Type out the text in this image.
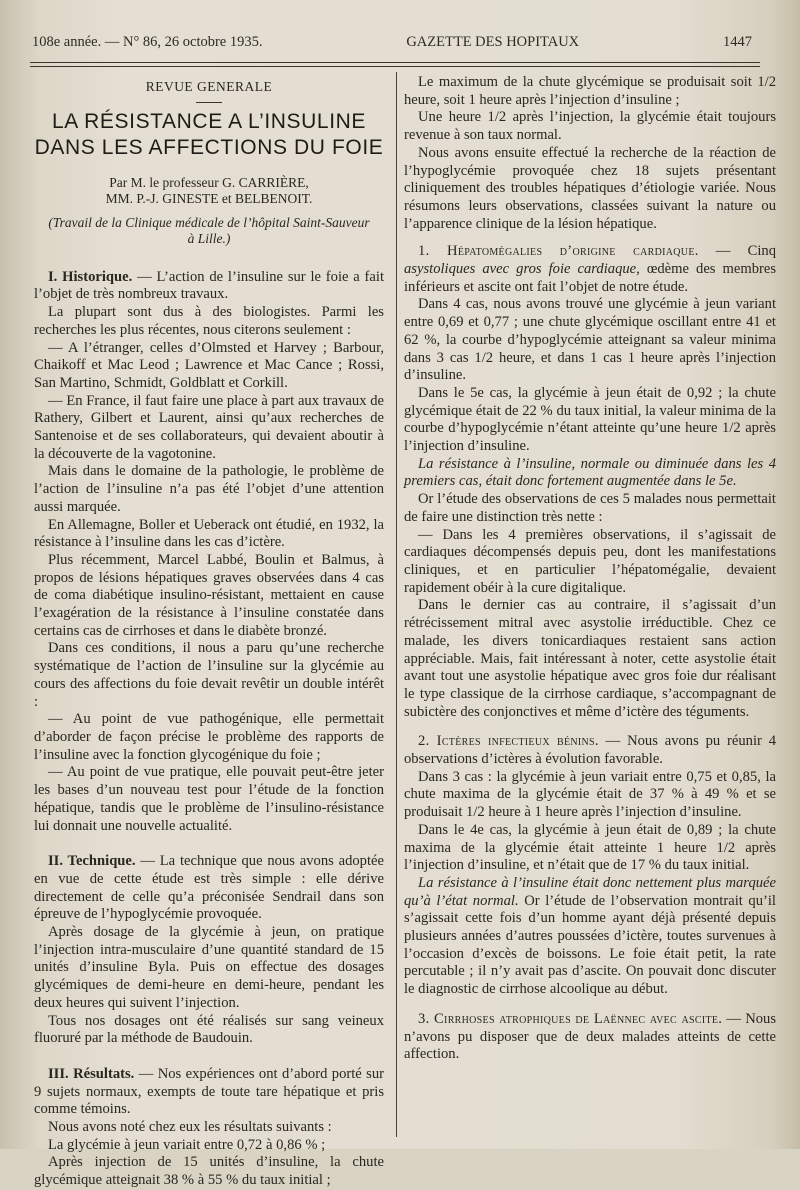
108e année. — N° 86, 26 octobre 1935.	GAZETTE DES HOPITAUX	1447

REVUE GENERALE

LA RÉSISTANCE A L’INSULINE

DANS LES AFFECTIONS DU FOIE

Par M. le professeur G. CARRIÈRE,

MM. P.-J. GINESTE et BELBENOIT.

(Travail de la Clinique médicale de l’hôpital Saint-Sauveur à Lille.)

I. Historique. — L’action de l’insuline sur le foie a fait l’objet de très nombreux travaux.

La plupart sont dus à des biologistes. Parmi les recherches les plus récentes, nous citerons seulement :

— A l’étranger, celles d’Olmsted et Harvey ; Barbour, Chaikoff et Mac Leod ; Lawrence et Mac Cance ; Rossi, San Martino, Schmidt, Goldblatt et Corkill.

— En France, il faut faire une place à part aux travaux de Rathery, Gilbert et Laurent, ainsi qu’aux recherches de Santenoise et de ses collaborateurs, qui devaient aboutir à la découverte de la vagotonine.

Mais dans le domaine de la pathologie, le problème de l’action de l’insuline n’a pas été l’objet d’une attention aussi marquée.

En Allemagne, Boller et Ueberack ont étudié, en 1932, la résistance à l’insuline dans les cas d’ictère.

Plus récemment, Marcel Labbé, Boulin et Balmus, à propos de lésions hépatiques graves observées dans 4 cas de coma diabétique insulino-résistant, mettaient en cause l’exagération de la résistance à l’insuline constatée dans certains cas de cirrhoses et dans le diabète bronzé.

Dans ces conditions, il nous a paru qu’une recherche systématique de l’action de l’insuline sur la glycémie au cours des affections du foie devait revêtir un double intérêt :

— Au point de vue pathogénique, elle permettait d’aborder de façon précise le problème des rapports de l’insuline avec la fonction glycogénique du foie ;

— Au point de vue pratique, elle pouvait peut-être jeter les bases d’un nouveau test pour l’étude de la fonction hépatique, tandis que le problème de l’insulino-résistance lui donnait une nouvelle actualité.

II. Technique. — La technique que nous avons adoptée en vue de cette étude est très simple : elle dérive directement de celle qu’a préconisée Sendrail dans son épreuve de l’hypoglycémie provoquée.

Après dosage de la glycémie à jeun, on pratique l’injection intra-musculaire d’une quantité standard de 15 unités d’insuline Byla. Puis on effectue des dosages glycémiques de demi-heure en demi-heure, pendant les deux heures qui suivent l’injection.

Tous nos dosages ont été réalisés sur sang veineux fluoruré par la méthode de Baudouin.

III. Résultats. — Nos expériences ont d’abord porté sur 9 sujets normaux, exempts de toute tare hépatique et pris comme témoins.

Nous avons noté chez eux les résultats suivants :

La glycémie à jeun variait entre 0,72 à 0,86 % ;

Après injection de 15 unités d’insuline, la chute glycémique atteignait 38 % à 55 % du taux initial ;

Le maximum de la chute glycémique se produisait soit 1/2 heure, soit 1 heure après l’injection d’insuline ;

Une heure 1/2 après l’injection, la glycémie était toujours revenue à son taux normal.

Nous avons ensuite effectué la recherche de la réaction de l’hypoglycémie provoquée chez 18 sujets présentant cliniquement des troubles hépatiques d’étiologie variée. Nous résumons leurs observations, classées suivant la nature ou l’apparence clinique de la lésion hépatique.

1. Hépatomégalies d’origine cardiaque. — Cinq asystoliques avec gros foie cardiaque, œdème des membres inférieurs et ascite ont fait l’objet de notre étude.

Dans 4 cas, nous avons trouvé une glycémie à jeun variant entre 0,69 et 0,77 ; une chute glycémique oscillant entre 41 et 62 %, la courbe d’hypoglycémie atteignant sa valeur minima dans 3 cas 1/2 heure, et dans 1 cas 1 heure après l’injection d’insuline.

Dans le 5e cas, la glycémie à jeun était de 0,92 ; la chute glycémique était de 22 % du taux initial, la valeur minima de la courbe d’hypoglycémie n’étant atteinte qu’une heure 1/2 après l’injection d’insuline.

La résistance à l’insuline, normale ou diminuée dans les 4 premiers cas, était donc fortement augmentée dans le 5e.

Or l’étude des observations de ces 5 malades nous permettait de faire une distinction très nette :

— Dans les 4 premières observations, il s’agissait de cardiaques décompensés depuis peu, dont les manifestations cliniques, et en particulier l’hépatomégalie, devaient rapidement obéir à la cure digitalique.

Dans le dernier cas au contraire, il s’agissait d’un rétrécissement mitral avec asystolie irréductible. Chez ce malade, les divers tonicardiaques restaient sans action appréciable. Mais, fait intéressant à noter, cette asystolie était avant tout une asystolie hépatique avec gros foie dur réalisant le type classique de la cirrhose cardiaque, s’accompagnant de subictère des conjonctives et même d’ictère des téguments.

2. Ictères infectieux bénins. — Nous avons pu réunir 4 observations d’ictères à évolution favorable.

Dans 3 cas : la glycémie à jeun variait entre 0,75 et 0,85, la chute maxima de la glycémie était de 37 % à 49 % et se produisait 1/2 heure à 1 heure après l’injection d’insuline.

Dans le 4e cas, la glycémie à jeun était de 0,89 ; la chute maxima de la glycémie était atteinte 1 heure 1/2 après l’injection d’insuline, et n’était que de 17 % du taux initial.

La résistance à l’insuline était donc nettement plus marquée qu’à l’état normal. Or l’étude de l’observation montrait qu’il s’agissait cette fois d’un homme ayant déjà présenté depuis plusieurs années d’autres poussées d’ictère, toutes survenues à l’occasion d’excès de boissons. Le foie était petit, la rate percutable ; il n’y avait pas d’ascite. On pouvait donc discuter le diagnostic de cirrhose alcoolique au début.

3. Cirrhoses atrophiques de Laënnec avec ascite. — Nous n’avons pu disposer que de deux malades atteints de cette affection.
